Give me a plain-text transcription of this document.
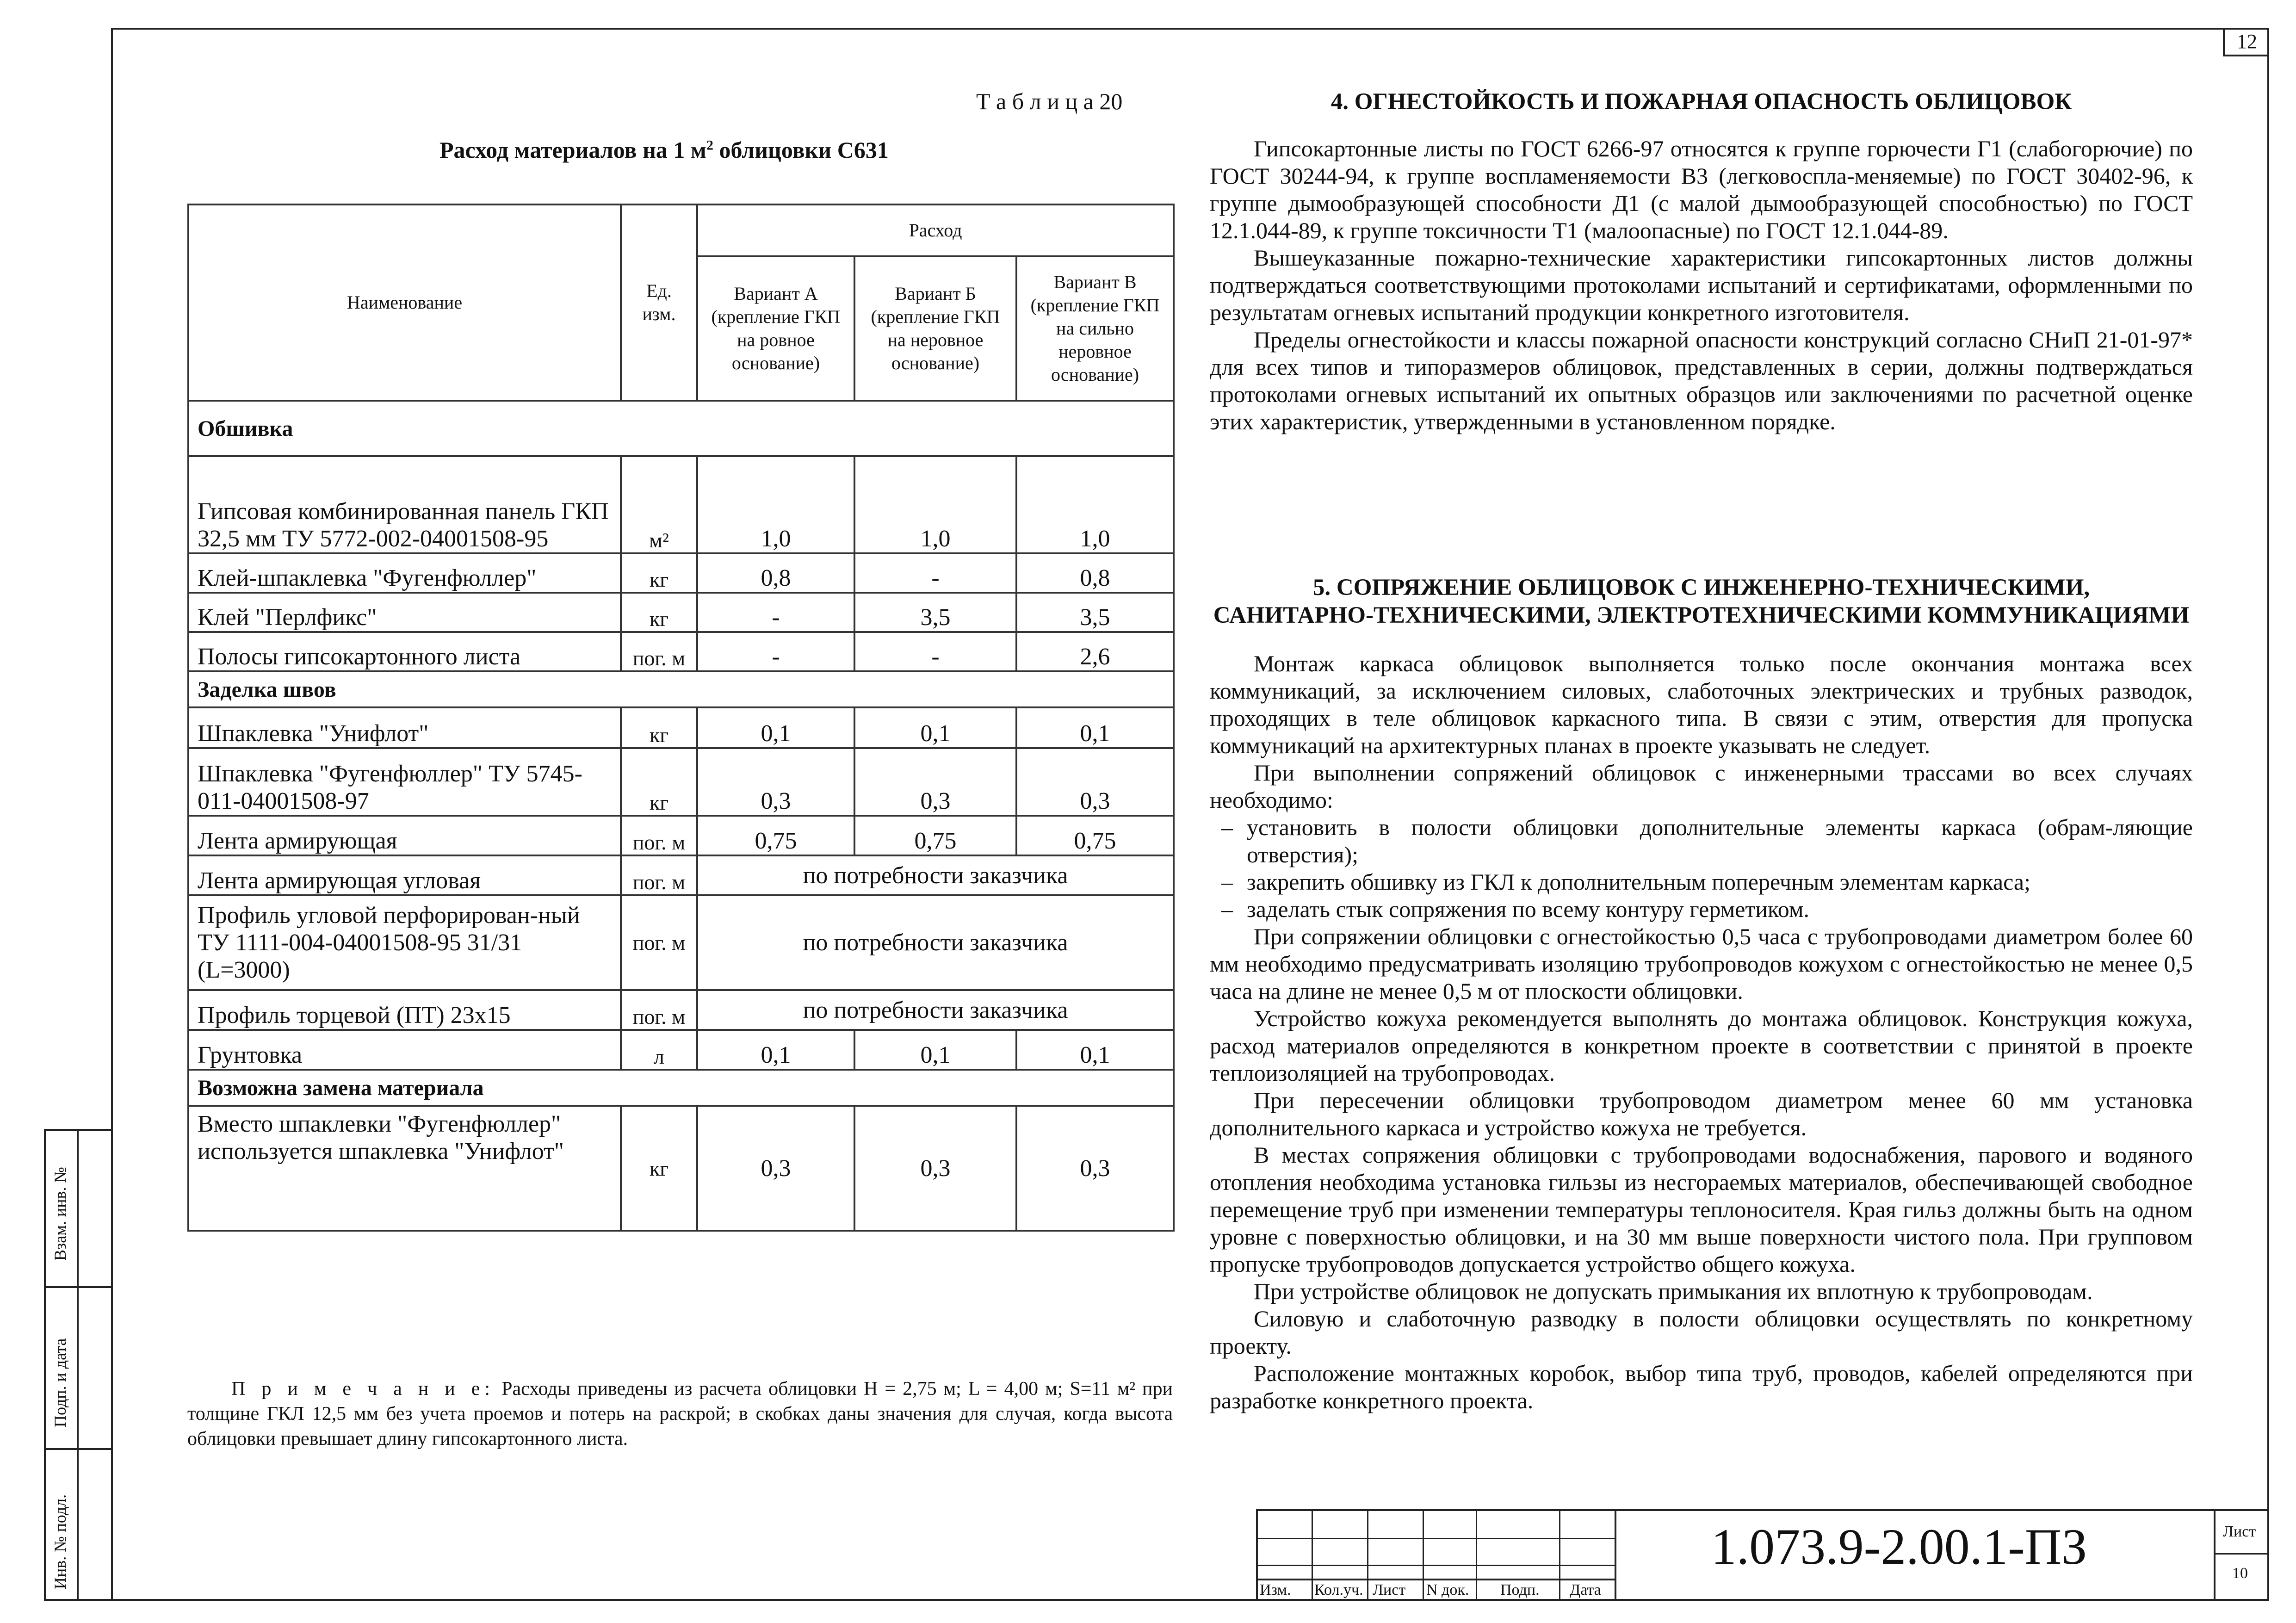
12
Взам. инв. №
Подп. и дата
Инв. № подл.
Т а б л и ц а 20
Расход материалов на 1 $м^2$ облицовки С631
Наименование	Ед. изм.	Расход		
		Вариант А (крепление ГКП на ровное основание)	Вариант Б (крепление ГКП на неровное основание)	Вариант В (крепление ГКП на сильно неровное основание)
Обшивка				
Гипсовая комбинированная панель ГКП 32,5 мм ТУ 5772-002-04001508-95	м²	1,0	1,0	1,0
Клей-шпаклевка "Фугенфюллер"	кг	0,8	-	0,8
Клей "Перлфикс"	кг	-	3,5	3,5
Полосы гипсокартонного листа	пог. м	-	-	2,6
Заделка швов				
Шпаклевка "Унифлот"	кг	0,1	0,1	0,1
Шпаклевка "Фугенфюллер" ТУ 5745-011-04001508-97	кг	0,3	0,3	0,3
Лента армирующая	пог. м	0,75	0,75	0,75
Лента армирующая угловая	пог. м	по потребности заказчика		
Профиль угловой перфорирован-ный ТУ 1111-004-04001508-95 31/31 (L=3000)	пог. м	по потребности заказчика		
Профиль торцевой (ПТ) 23х15	пог. м	по потребности заказчика		
Грунтовка	л	0,1	0,1	0,1
Возможна замена материала				
Вместо шпаклевки "Фугенфюллер" используется шпаклевка "Унифлот"	кг	0,3	0,3	0,3
П р и м е ч а н и е: Расходы приведены из расчета облицовки H = 2,75 м; L = 4,00 м; S=11 м² при толщине ГКЛ 12,5 мм без учета проемов и потерь на раскрой; в скобках даны значения для случая, когда высота облицовки превышает длину гипсокартонного листа.
4. ОГНЕСТОЙКОСТЬ И ПОЖАРНАЯ ОПАСНОСТЬ ОБЛИЦОВОК

Гипсокартонные листы по ГОСТ 6266-97 относятся к группе горючести Г1 (слабогорючие) по ГОСТ 30244-94, к группе воспламеняемости В3 (легковоспла-меняемые) по ГОСТ 30402-96, к группе дымообразующей способности Д1 (с малой дымообразующей способностью) по ГОСТ 12.1.044-89, к группе токсичности Т1 (малоопасные) по ГОСТ 12.1.044-89.

Вышеуказанные пожарно-технические характеристики гипсокартонных листов должны подтверждаться соответствующими протоколами испытаний и сертификатами, оформленными по результатам огневых испытаний продукции конкретного изготовителя.

Пределы огнестойкости и классы пожарной опасности конструкций согласно СНиП 21-01-97* для всех типов и типоразмеров облицовок, представленных в серии, должны подтверждаться протоколами огневых испытаний их опытных образцов или заключениями по расчетной оценке этих характеристик, утвержденными в установленном порядке.

5. СОПРЯЖЕНИЕ ОБЛИЦОВОК С ИНЖЕНЕРНО-ТЕХНИЧЕСКИМИ,
САНИТАРНО-ТЕХНИЧЕСКИМИ, ЭЛЕКТРОТЕХНИЧЕСКИМИ КОММУНИКАЦИЯМИ

Монтаж каркаса облицовок выполняется только после окончания монтажа всех коммуникаций, за исключением силовых, слаботочных электрических и трубных разводок, проходящих в теле облицовок каркасного типа. В связи с этим, отверстия для пропуска коммуникаций на архитектурных планах в проекте указывать не следует.

При выполнении сопряжений облицовок с инженерными трассами во всех случаях необходимо:

– установить в полости облицовки дополнительные элементы каркаса (обрам-ляющие отверстия);
– закрепить обшивку из ГКЛ к дополнительным поперечным элементам каркаса;
– заделать стык сопряжения по всему контуру герметиком.

При сопряжении облицовки с огнестойкостью 0,5 часа с трубопроводами диаметром более 60 мм необходимо предусматривать изоляцию трубопроводов кожухом с огнестойкостью не менее 0,5 часа на длине не менее 0,5 м от плоскости облицовки.

Устройство кожуха рекомендуется выполнять до монтажа облицовок. Конструкция кожуха, расход материалов определяются в конкретном проекте в соответствии с принятой в проекте теплоизоляцией на трубопроводах.

При пересечении облицовки трубопроводом диаметром менее 60 мм установка дополнительного каркаса и устройство кожуха не требуется.

В местах сопряжения облицовки с трубопроводами водоснабжения, парового и водяного отопления необходима установка гильзы из несгораемых материалов, обеспечивающей свободное перемещение труб при изменении температуры теплоносителя. Края гильз должны быть на одном уровне с поверхностью облицовки, и на 30 мм выше поверхности чистого пола. При групповом пропуске трубопроводов допускается устройство общего кожуха.

При устройстве облицовок не допускать примыкания их вплотную к трубопроводам.

Силовую и слаботочную разводку в полости облицовки осуществлять по конкретному проекту.

Расположение монтажных коробок, выбор типа труб, проводов, кабелей определяются при разработке конкретного проекта.

Изм. Кол.уч. Лист N док. Подп. Дата
Лист
10
1.073.9-2.00.1-ПЗ
